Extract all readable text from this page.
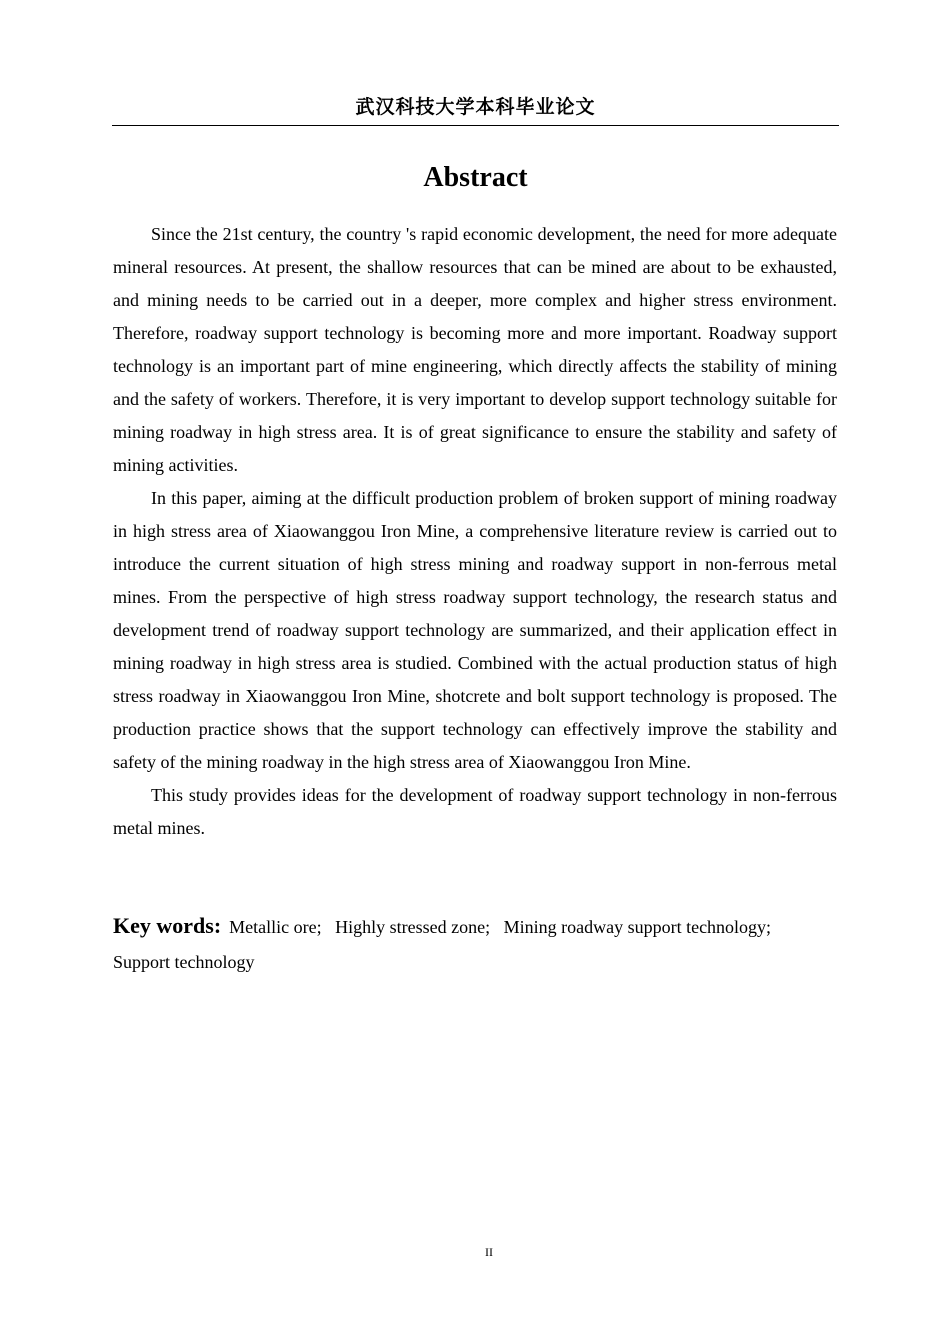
武汉科技大学本科毕业论文
Abstract

Since the 21st century, the country 's rapid economic development, the need for more adequate mineral resources. At present, the shallow resources that can be mined are about to be exhausted, and mining needs to be carried out in a deeper, more complex and higher stress environment. Therefore, roadway support technology is becoming more and more important. Roadway support technology is an important part of mine engineering, which directly affects the stability of mining and the safety of workers. Therefore, it is very important to develop support technology suitable for mining roadway in high stress area. It is of great significance to ensure the stability and safety of mining activities.

In this paper, aiming at the difficult production problem of broken support of mining roadway in high stress area of Xiaowanggou Iron Mine, a comprehensive literature review is carried out to introduce the current situation of high stress mining and roadway support in non-ferrous metal mines. From the perspective of high stress roadway support technology, the research status and development trend of roadway support technology are summarized, and their application effect in mining roadway in high stress area is studied. Combined with the actual production status of high stress roadway in Xiaowanggou Iron Mine, shotcrete and bolt support technology is proposed. The production practice shows that the support technology can effectively improve the stability and safety of the mining roadway in the high stress area of Xiaowanggou Iron Mine.

This study provides ideas for the development of roadway support technology in non-ferrous metal mines.

Key words: Metallic ore; Highly stressed zone; Mining roadway support technology; Support technology

II
